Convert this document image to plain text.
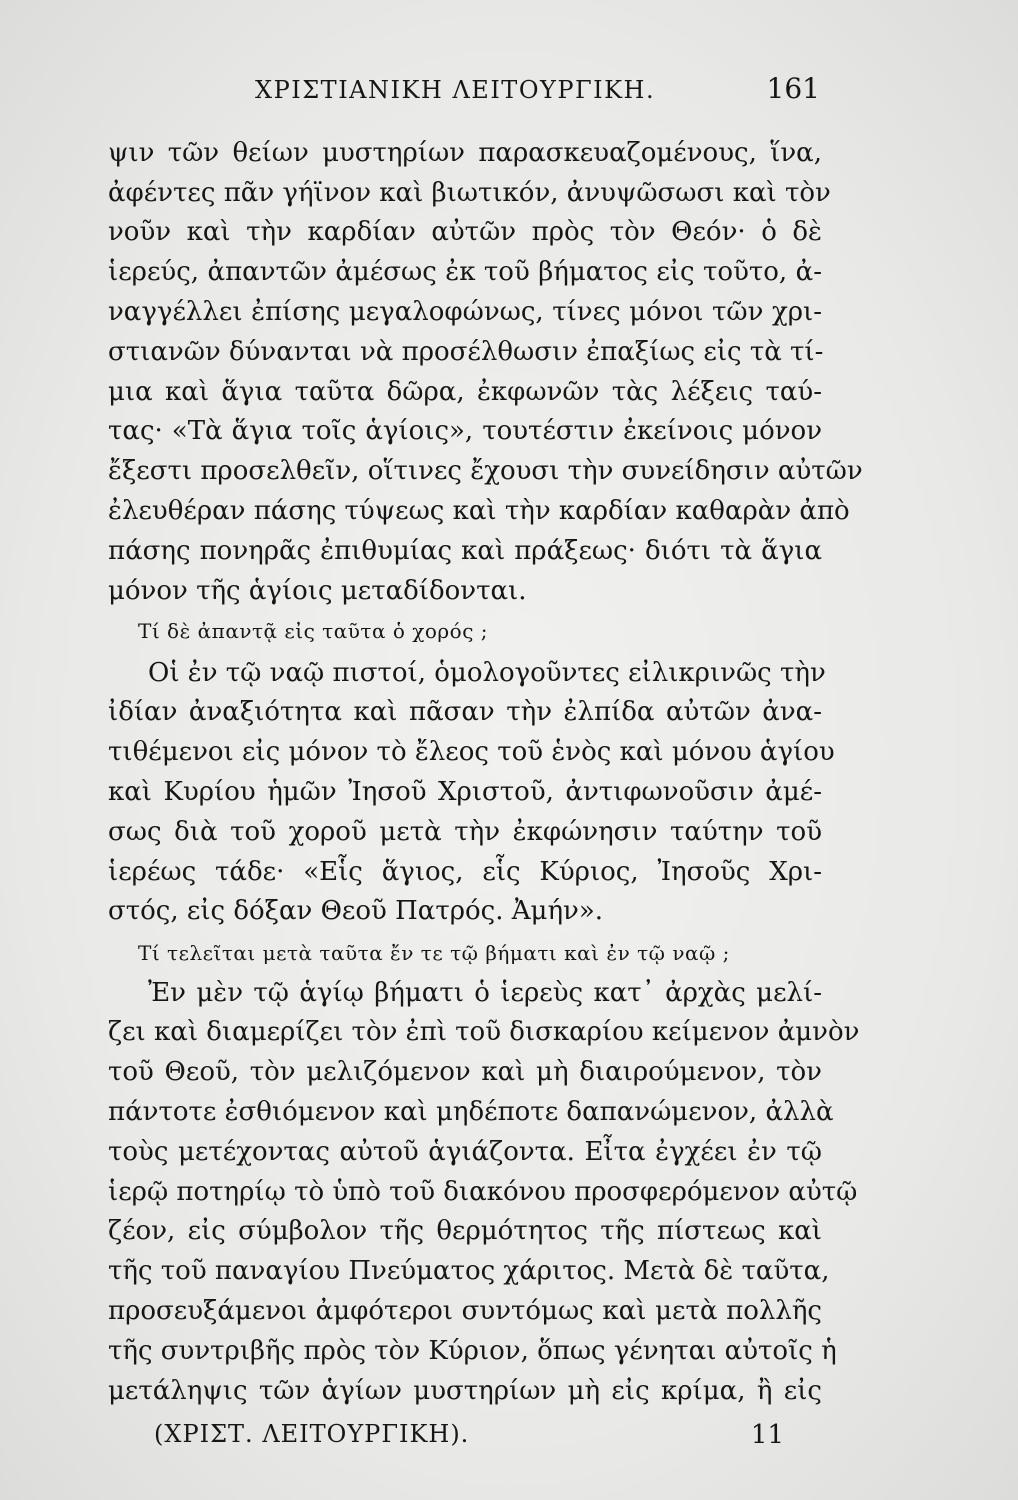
ΧΡΙΣΤΙΑΝΙΚΗ ΛΕΙΤΟΥΡΓΙΚΗ.	161
ψιν τῶν θείων μυστηρίων παρασκευαζομένους, ἵνα,
ἀφέντες πᾶν γήϊνον καὶ βιωτικόν, ἀνυψῶσωσι καὶ τὸν
νοῦν καὶ τὴν καρδίαν αὐτῶν πρὸς τὸν Θεόν· ὁ δὲ
ἱερεύς, ἀπαντῶν ἀμέσως ἐκ τοῦ βήματος εἰς τοῦτο, ἀ-
ναγγέλλει ἐπίσης μεγαλοφώνως, τίνες μόνοι τῶν χρι-
στιανῶν δύνανται νὰ προσέλθωσιν ἐπαξίως εἰς τὰ τί-
μια καὶ ἅγια ταῦτα δῶρα, ἐκφωνῶν τὰς λέξεις ταύ-
τας· «Τὰ ἅγια τοῖς ἁγίοις», τουτέστιν ἐκείνοις μόνον
ἔξεστι προσελθεῖν, οἵτινες ἔχουσι τὴν συνείδησιν αὐτῶν
ἐλευθέραν πάσης τύψεως καὶ τὴν καρδίαν καθαρὰν ἀπὸ
πάσης πονηρᾶς ἐπιθυμίας καὶ πράξεως· διότι τὰ ἅγια
μόνον τῆς ἁγίοις μεταδίδονται.
Τί δὲ ἀπαντᾷ εἰς ταῦτα ὁ χορός ;
Οἱ ἐν τῷ ναῷ πιστοί, ὁμολογοῦντες εἰλικρινῶς τὴν
ἰδίαν ἀναξιότητα καὶ πᾶσαν τὴν ἐλπίδα αὐτῶν ἀνα-
τιθέμενοι εἰς μόνον τὸ ἔλεος τοῦ ἑνὸς καὶ μόνου ἁγίου
καὶ Κυρίου ἡμῶν Ἰησοῦ Χριστοῦ, ἀντιφωνοῦσιν ἀμέ-
σως διὰ τοῦ χοροῦ μετὰ τὴν ἐκφώνησιν ταύτην τοῦ
ἱερέως τάδε· «Εἷς ἅγιος, εἷς Κύριος, Ἰησοῦς Χρι-
στός, εἰς δόξαν Θεοῦ Πατρός. Ἀμήν».
Τί τελεῖται μετὰ ταῦτα ἔν τε τῷ βήματι καὶ ἐν τῷ ναῷ ;
Ἐν μὲν τῷ ἁγίῳ βήματι ὁ ἱερεὺς κατ᾽ ἀρχὰς μελί-
ζει καὶ διαμερίζει τὸν ἐπὶ τοῦ δισκαρίου κείμενον ἀμνὸν
τοῦ Θεοῦ, τὸν μελιζόμενον καὶ μὴ διαιρούμενον, τὸν
πάντοτε ἐσθιόμενον καὶ μηδέποτε δαπανώμενον, ἀλλὰ
τοὺς μετέχοντας αὐτοῦ ἁγιάζοντα. Εἶτα ἐγχέει ἐν τῷ
ἱερῷ ποτηρίῳ τὸ ὑπὸ τοῦ διακόνου προσφερόμενον αὐτῷ
ζέον, εἰς σύμβολον τῆς θερμότητος τῆς πίστεως καὶ
τῆς τοῦ παναγίου Πνεύματος χάριτος. Μετὰ δὲ ταῦτα,
προσευξάμενοι ἀμφότεροι συντόμως καὶ μετὰ πολλῆς
τῆς συντριβῆς πρὸς τὸν Κύριον, ὅπως γένηται αὐτοῖς ἡ
μετάληψις τῶν ἁγίων μυστηρίων μὴ εἰς κρίμα, ἢ εἰς
(ΧΡΙΣΤ. ΛΕΙΤΟΥΡΓΙΚΗ).	11
